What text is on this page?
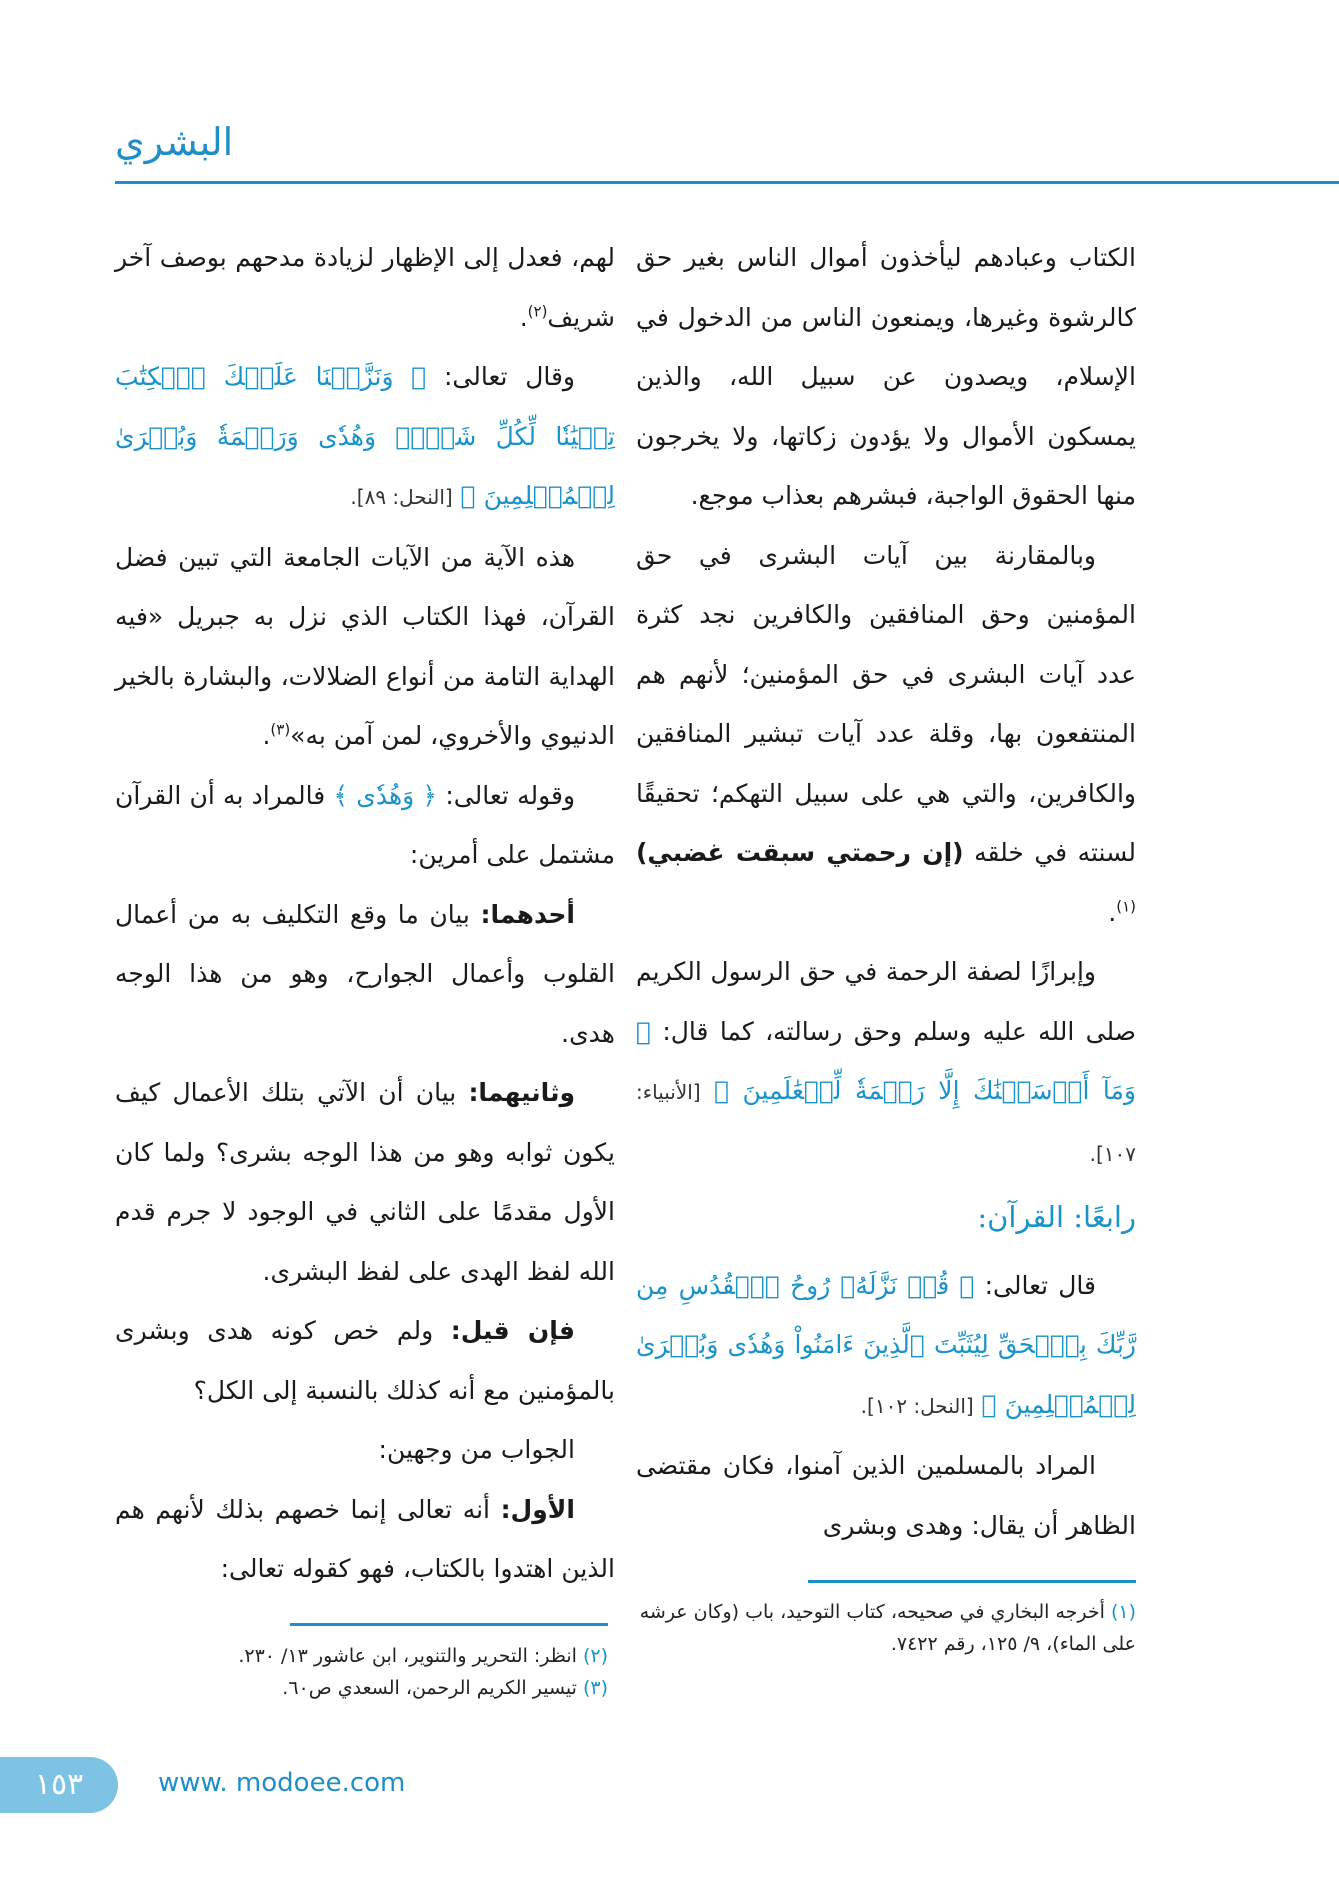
البشري

الكتاب وعبادهم ليأخذون أموال الناس بغير حق كالرشوة وغيرها، ويمنعون الناس من الدخول في الإسلام، ويصدون عن سبيل الله، والذين يمسكون الأموال ولا يؤدون زكاتها، ولا يخرجون منها الحقوق الواجبة، فبشرهم بعذاب موجع.

وبالمقارنة بين آيات البشرى في حق المؤمنين وحق المنافقين والكافرين نجد كثرة عدد آيات البشرى في حق المؤمنين؛ لأنهم هم المنتفعون بها، وقلة عدد آيات تبشير المنافقين والكافرين، والتي هي على سبيل التهكم؛ تحقيقًا لسنته في خلقه (إن رحمتي سبقت غضبي)$^{(١)}$.

وإبرازًا لصفة الرحمة في حق الرسول الكريم صلى الله عليه وسلم وحق رسالته، كما قال: ﴿ وَمَآ أَرۡسَلۡنَٰكَ إِلَّا رَحۡمَةٗ لِّلۡعَٰلَمِينَ ﴾ [الأنبياء: ١٠٧].

رابعًا: القرآن:

قال تعالى: ﴿ قُلۡ نَزَّلَهُۥ رُوحُ ٱلۡقُدُسِ مِن رَّبِّكَ بِٱلۡحَقِّ لِيُثَبِّتَ ٱلَّذِينَ ءَامَنُواْ وَهُدٗى وَبُشۡرَىٰ لِلۡمُسۡلِمِينَ ﴾ [النحل: ١٠٢].

المراد بالمسلمين الذين آمنوا، فكان مقتضى الظاهر أن يقال: وهدى وبشرى

لهم، فعدل إلى الإظهار لزيادة مدحهم بوصف آخر شريف$^{(٢)}$.

وقال تعالى: ﴿ وَنَزَّلۡنَا عَلَيۡكَ ٱلۡكِتَٰبَ تِبۡيَٰنٗا لِّكُلِّ شَيۡءٖ وَهُدٗى وَرَحۡمَةٗ وَبُشۡرَىٰ لِلۡمُسۡلِمِينَ ﴾ [النحل: ٨٩].

هذه الآية من الآيات الجامعة التي تبين فضل القرآن، فهذا الكتاب الذي نزل به جبريل «فيه الهداية التامة من أنواع الضلالات، والبشارة بالخير الدنيوي والأخروي، لمن آمن به»$^{(٣)}$.

وقوله تعالى: ﴿ وَهُدٗى ﴾ فالمراد به أن القرآن مشتمل على أمرين:

أحدهما: بيان ما وقع التكليف به من أعمال القلوب وأعمال الجوارح، وهو من هذا الوجه هدى.

وثانيهما: بيان أن الآتي بتلك الأعمال كيف يكون ثوابه وهو من هذا الوجه بشرى؟ ولما كان الأول مقدمًا على الثاني في الوجود لا جرم قدم الله لفظ الهدى على لفظ البشرى.

فإن قيل: ولم خص كونه هدى وبشرى بالمؤمنين مع أنه كذلك بالنسبة إلى الكل؟

الجواب من وجهين:

الأول: أنه تعالى إنما خصهم بذلك لأنهم هم الذين اهتدوا بالكتاب، فهو كقوله تعالى:

(١)أخرجه البخاري في صحيحه، كتاب التوحيد، باب (وكان عرشه على الماء)، ٩/ ١٢٥، رقم ٧٤٢٢.
(٢)انظر: التحرير والتنوير، ابن عاشور ١٣/ ٢٣٠.
(٣)تيسير الكريم الرحمن، السعدي ص٦٠.
١٥٣	www. modoee.com
